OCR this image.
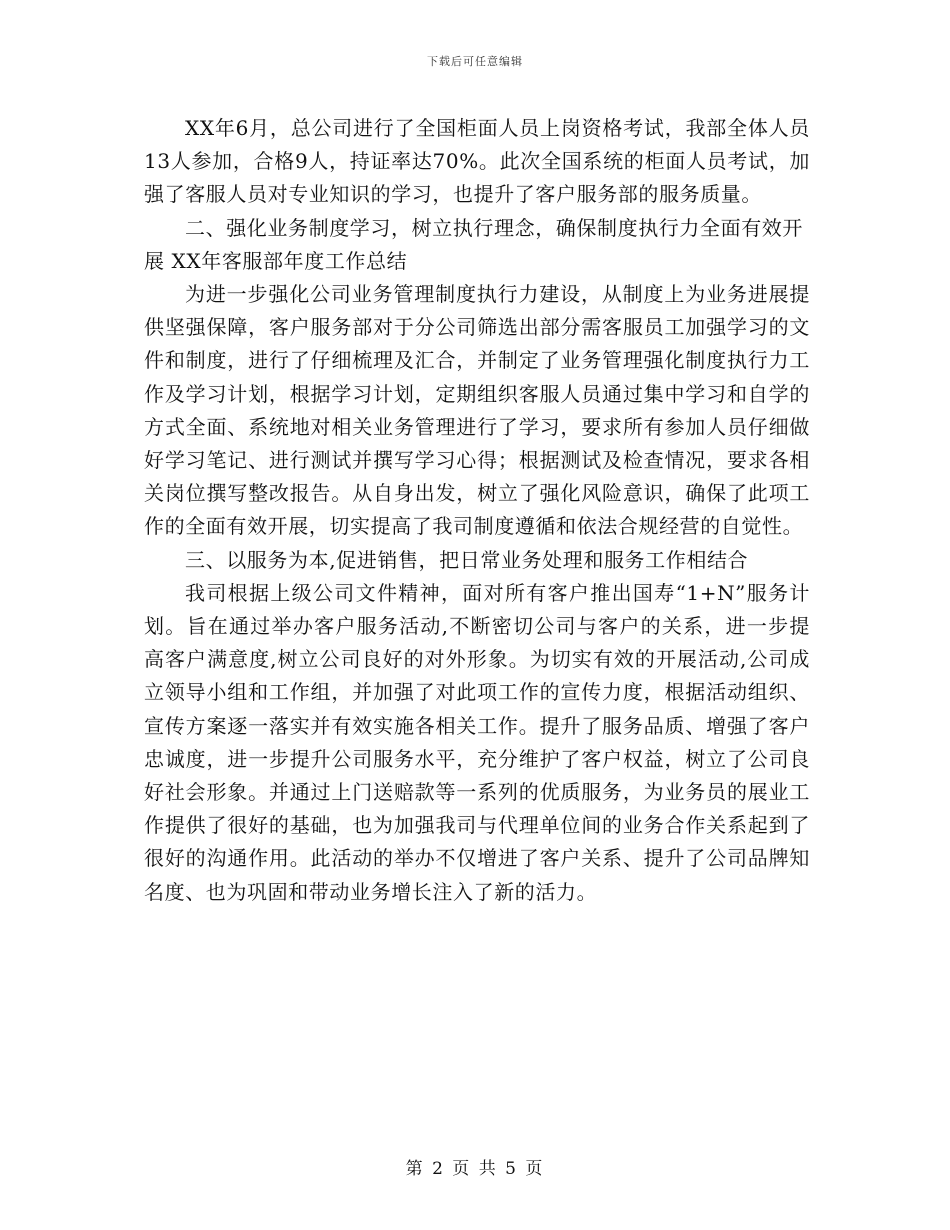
下载后可任意编辑

XX年6月，总公司进行了全国柜面人员上岗资格考试，我部全体人员13人参加，合格9人，持证率达70%。此次全国系统的柜面人员考试，加强了客服人员对专业知识的学习，也提升了客户服务部的服务质量。

二、强化业务制度学习，树立执行理念，确保制度执行力全面有效开展 XX年客服部年度工作总结

为进一步强化公司业务管理制度执行力建设，从制度上为业务进展提供坚强保障，客户服务部对于分公司筛选出部分需客服员工加强学习的文件和制度，进行了仔细梳理及汇合，并制定了业务管理强化制度执行力工作及学习计划，根据学习计划，定期组织客服人员通过集中学习和自学的方式全面、系统地对相关业务管理进行了学习，要求所有参加人员仔细做好学习笔记、进行测试并撰写学习心得；根据测试及检查情况，要求各相关岗位撰写整改报告。从自身出发，树立了强化风险意识，确保了此项工作的全面有效开展，切实提高了我司制度遵循和依法合规经营的自觉性。

三、以服务为本,促进销售，把日常业务处理和服务工作相结合

我司根据上级公司文件精神，面对所有客户推出国寿“1+N”服务计划。旨在通过举办客户服务活动,不断密切公司与客户的关系，进一步提高客户满意度,树立公司良好的对外形象。为切实有效的开展活动,公司成立领导小组和工作组，并加强了对此项工作的宣传力度，根据活动组织、宣传方案逐一落实并有效实施各相关工作。提升了服务品质、增强了客户忠诚度，进一步提升公司服务水平，充分维护了客户权益，树立了公司良好社会形象。并通过上门送赔款等一系列的优质服务，为业务员的展业工作提供了很好的基础，也为加强我司与代理单位间的业务合作关系起到了很好的沟通作用。此活动的举办不仅增进了客户关系、提升了公司品牌知名度、也为巩固和带动业务增长注入了新的活力。

第 2 页 共 5 页
